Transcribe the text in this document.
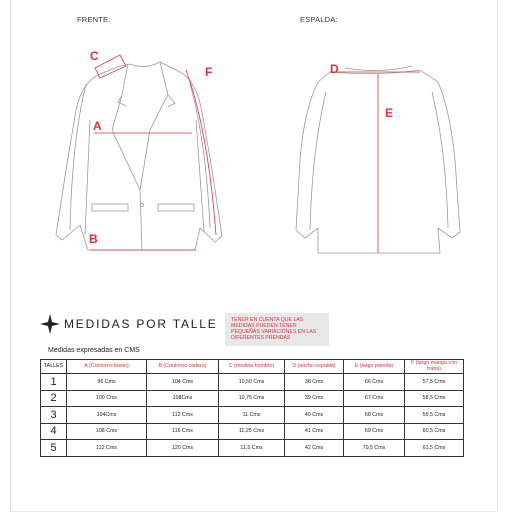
FRENTE:	ESPALDA:
C
A
B
F	D
E
MEDIDAS POR TALLE	TENER EN CUENTA QUE LAS MEDIDAS PUEDEN TENER PEQUEÑAS VARIACIONES EN LAS DIFERENTES PRENDAS
Medidas expresadas en CMS
TALLES	A (Contorno busto)	B (Contorno cadera)	C (medida hombro)	D (ancho espalda)	E (largo prenda)	F (largo manga con traba)
1	96 Cms	104 Cms	10,50 Cms	38 Cms	66 Cms	57,5 Cms
2	100 Cms	108Cms	10,75 Cms	39 Cms	67 Cms	58,5 Cms
3	104Cms	112 Cms	11 Cms	40 Cms	68 Cms	59,5 Cms
4	108 Cms	116 Cms	11,25 Cms	41 Cms	69 Cms	60,5 Cms
5	112 Cms	120 Cms	11,5 Cms	42 Cms	70,5 Cms	61,5 Cms
